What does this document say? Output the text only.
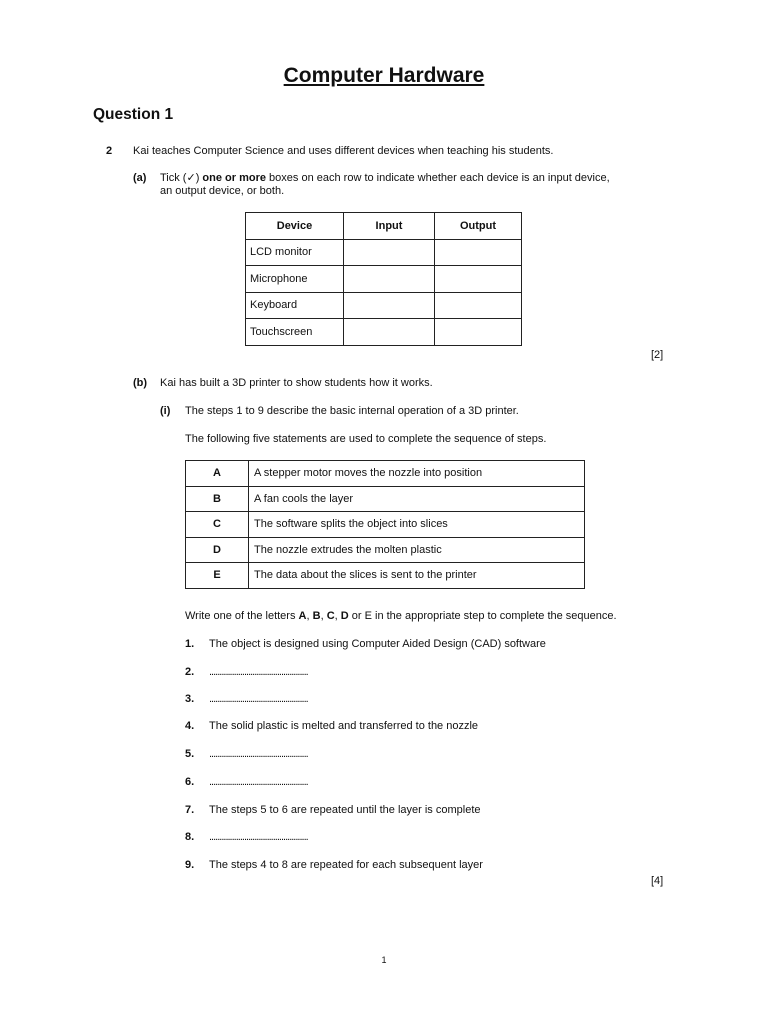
Computer Hardware
Question 1
2 Kai teaches Computer Science and uses different devices when teaching his students.
(a) Tick (✓) one or more boxes on each row to indicate whether each device is an input device,
an output device, or both.
Device	Input	Output
LCD monitor		
Microphone		
Keyboard		
Touchscreen		
[2]
(b) Kai has built a 3D printer to show students how it works.
(i) The steps 1 to 9 describe the basic internal operation of a 3D printer.
The following five statements are used to complete the sequence of steps.
A	A stepper motor moves the nozzle into position
B	A fan cools the layer
C	The software splits the object into slices
D	The nozzle extrudes the molten plastic
E	The data about the slices is sent to the printer
Write one of the letters A, B, C, D or E in the appropriate step to complete the sequence.
1. The object is designed using Computer Aided Design (CAD) software
2. ................................................
3. ................................................
4. The solid plastic is melted and transferred to the nozzle
5. ................................................
6. ................................................
7. The steps 5 to 6 are repeated until the layer is complete
8. ................................................
9. The steps 4 to 8 are repeated for each subsequent layer
[4]
1
